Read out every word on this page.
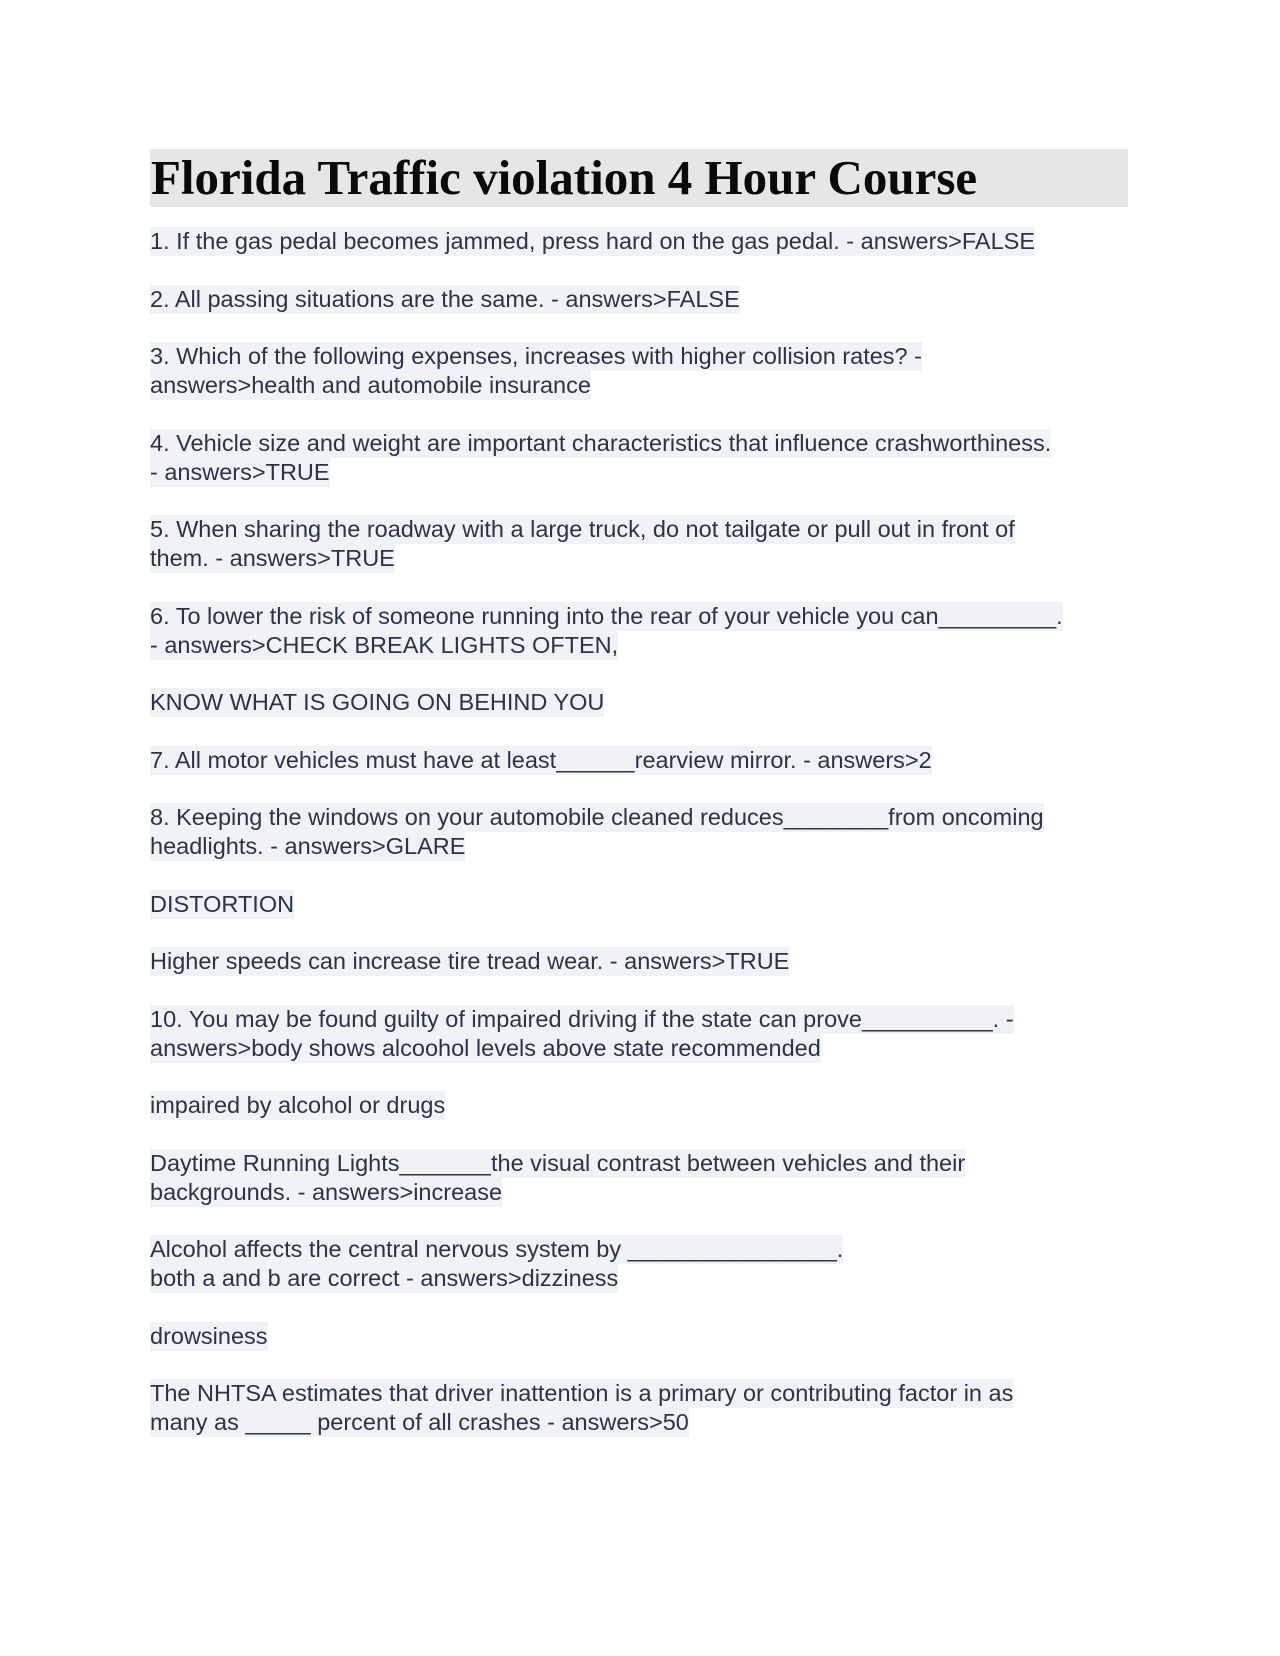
Florida Traffic violation 4 Hour Course
1. If the gas pedal becomes jammed, press hard on the gas pedal. - answers>FALSE
2. All passing situations are the same. - answers>FALSE
3. Which of the following expenses, increases with higher collision rates? -
answers>health and automobile insurance
4. Vehicle size and weight are important characteristics that influence crashworthiness.
- answers>TRUE
5. When sharing the roadway with a large truck, do not tailgate or pull out in front of
them. - answers>TRUE
6. To lower the risk of someone running into the rear of your vehicle you can_________.
- answers>CHECK BREAK LIGHTS OFTEN,
KNOW WHAT IS GOING ON BEHIND YOU
7. All motor vehicles must have at least______rearview mirror. - answers>2
8. Keeping the windows on your automobile cleaned reduces________from oncoming
headlights. - answers>GLARE
DISTORTION
Higher speeds can increase tire tread wear. - answers>TRUE
10. You may be found guilty of impaired driving if the state can prove__________. -
answers>body shows alcoohol levels above state recommended
impaired by alcohol or drugs
Daytime Running Lights_______the visual contrast between vehicles and their
backgrounds. - answers>increase
Alcohol affects the central nervous system by ________________.
both a and b are correct - answers>dizziness
drowsiness
The NHTSA estimates that driver inattention is a primary or contributing factor in as
many as _____ percent of all crashes - answers>50
